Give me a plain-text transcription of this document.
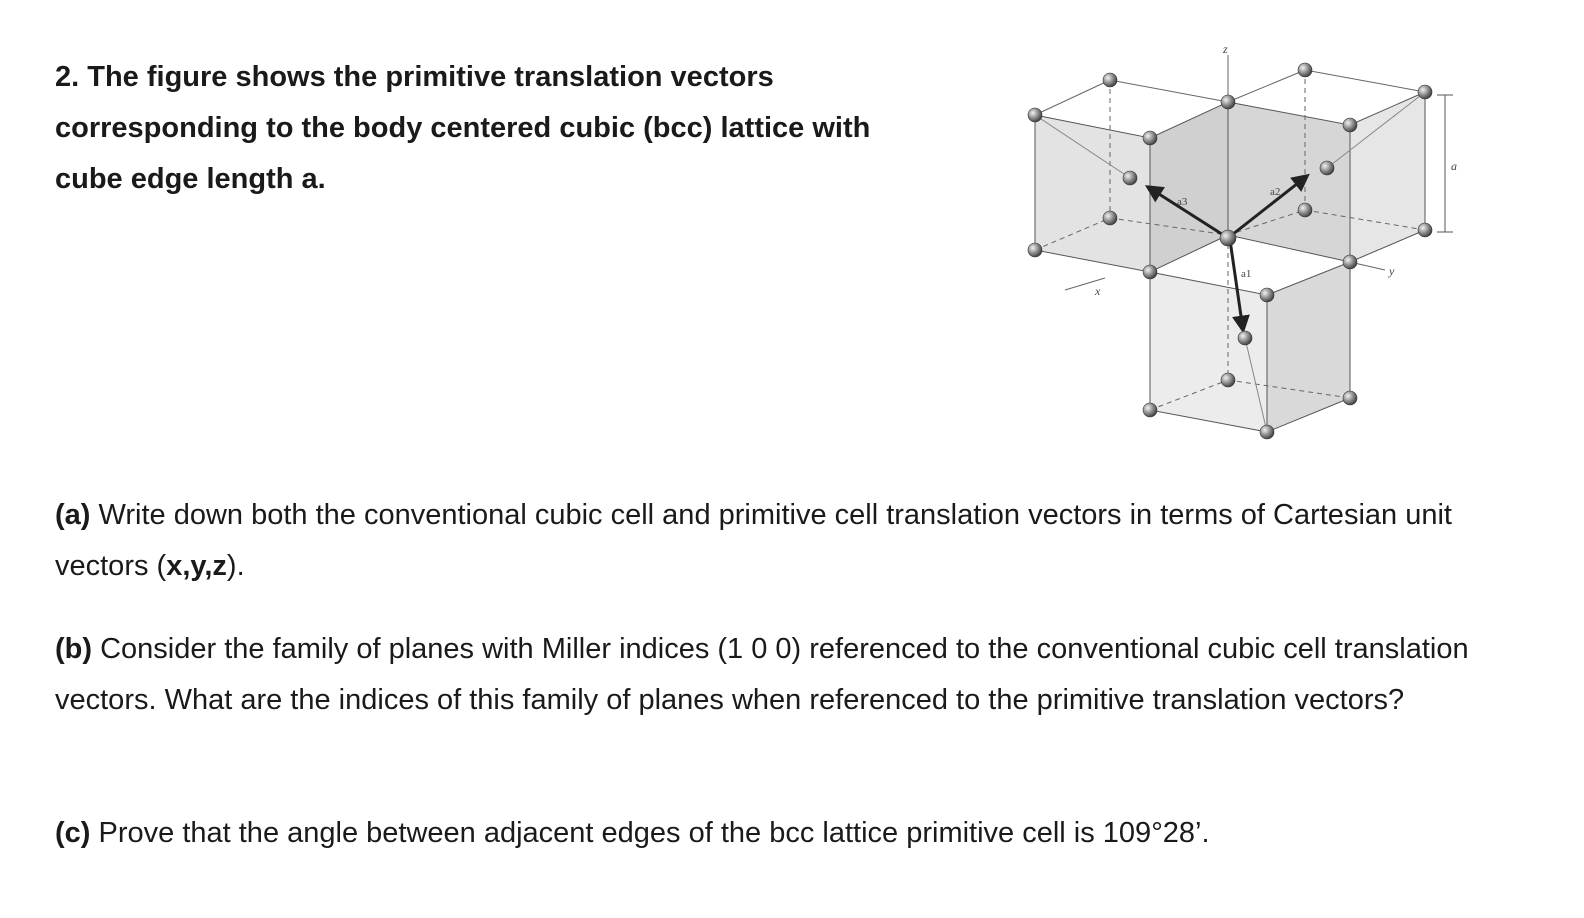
2. The figure shows the primitive translation vectors corresponding to the body centered cubic (bcc) lattice with cube edge length a.

z
x
y
a
a3
a2
a1

(a) Write down both the conventional cubic cell and primitive cell translation vectors in terms of Cartesian unit vectors (x,y,z).

(b) Consider the family of planes with Miller indices (1 0 0) referenced to the conventional cubic cell translation vectors. What are the indices of this family of planes when referenced to the primitive translation vectors?

(c) Prove that the angle between adjacent edges of the bcc lattice primitive cell is 109°28’.
